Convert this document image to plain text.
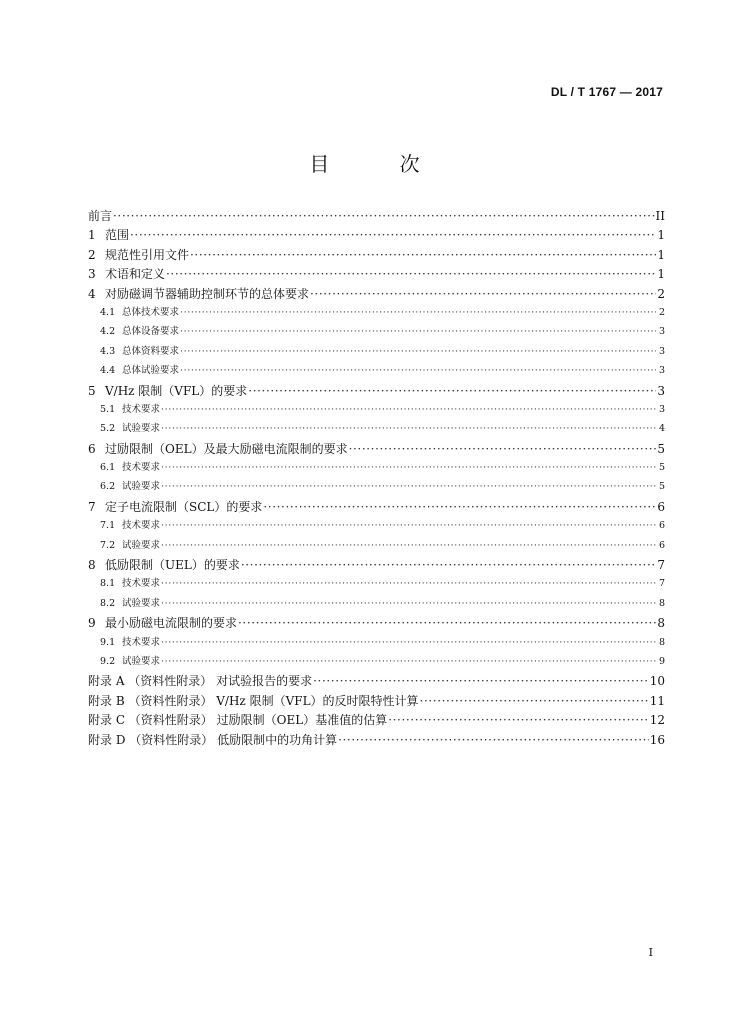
DL / T 1767 — 2017
目 次
前言 ·····	II
1 范围 ·····	1
2 规范性引用文件 ·····	1
3 术语和定义 ·····	1
4 对励磁调节器辅助控制环节的总体要求 ·····	2
4.1 总体技术要求 ·····	2
4.2 总体设备要求 ·····	3
4.3 总体资料要求 ·····	3
4.4 总体试验要求 ·····	3
5 V/Hz 限制（VFL）的要求 ·····	3
5.1 技术要求 ·····	3
5.2 试验要求 ·····	4
6 过励限制（OEL）及最大励磁电流限制的要求 ·····	5
6.1 技术要求 ·····	5
6.2 试验要求 ·····	5
7 定子电流限制（SCL）的要求 ·····	6
7.1 技术要求 ·····	6
7.2 试验要求 ·····	6
8 低励限制（UEL）的要求 ·····	7
8.1 技术要求 ·····	7
8.2 试验要求 ·····	8
9 最小励磁电流限制的要求 ·····	8
9.1 技术要求 ·····	8
9.2 试验要求 ·····	9
附录 A （资料性附录） 对试验报告的要求 ·····	10
附录 B （资料性附录） V/Hz 限制（VFL）的反时限特性计算 ·····	11
附录 C （资料性附录） 过励限制（OEL）基准值的估算 ·····	12
附录 D （资料性附录） 低励限制中的功角计算 ·····	16
I
